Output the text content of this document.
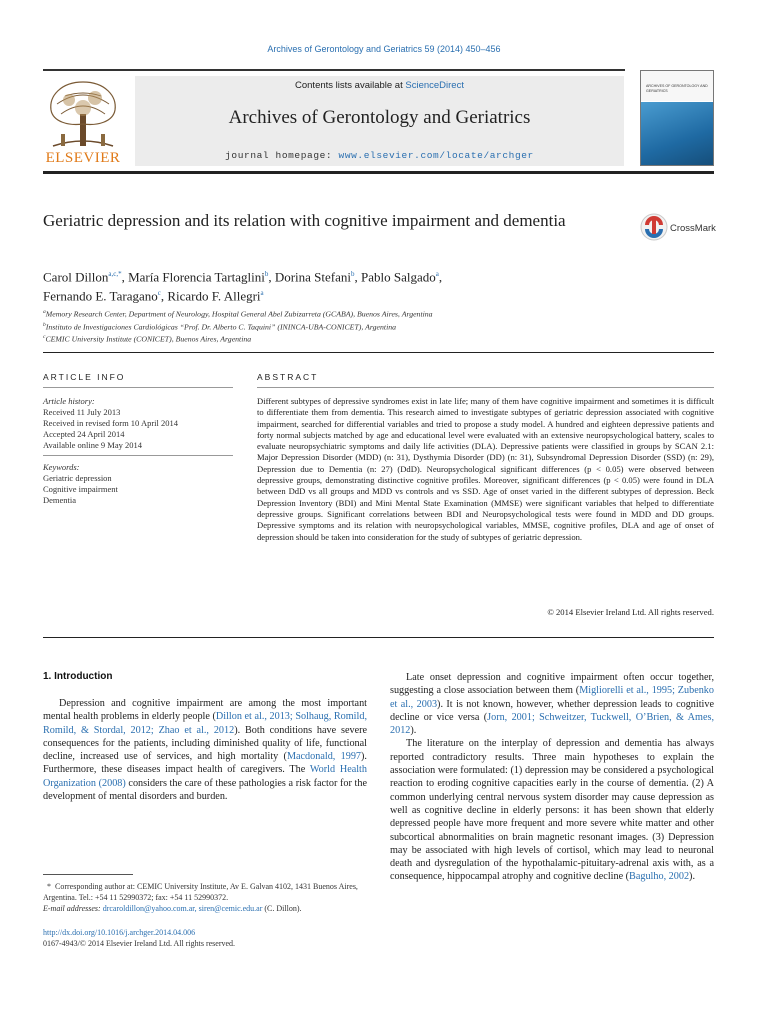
Archives of Gerontology and Geriatrics 59 (2014) 450–456
ELSEVIER
Contents lists available at ScienceDirect
Archives of Gerontology and Geriatrics
journal homepage: www.elsevier.com/locate/archger
ARCHIVES OF GERONTOLOGY AND GERIATRICS
Geriatric depression and its relation with cognitive impairment and dementia	CrossMark
Carol Dillon$^{a,c,*}$, María Florencia Tartaglini$^b$, Dorina Stefani$^b$, Pablo Salgado$^a$,
Fernando E. Taragano$^c$, Ricardo F. Allegri$^a$
$^a$Memory Research Center, Department of Neurology, Hospital General Abel Zubizarreta (GCABA), Buenos Aires, Argentina
$^b$Instituto de Investigaciones Cardiológicas “Prof. Dr. Alberto C. Taquini” (ININCA-UBA-CONICET), Argentina
$^c$CEMIC University Institute (CONICET), Buenos Aires, Argentina
ARTICLE INFO	ABSTRACT
Article history:
Received 11 July 2013
Received in revised form 10 April 2014
Accepted 24 April 2014
Available online 9 May 2014
Keywords:
Geriatric depression
Cognitive impairment
Dementia
Different subtypes of depressive syndromes exist in late life; many of them have cognitive impairment and sometimes it is difficult to differentiate them from dementia. This research aimed to investigate subtypes of geriatric depression associated with cognitive impairment, searched for differential variables and tried to propose a study model. A hundred and eighteen depressive patients and forty normal subjects matched by age and educational level were evaluated with an extensive neuropsychological battery, scales to evaluate neuropsychiatric symptoms and daily life activities (DLA). Depressive patients were classified in groups by SCAN 2.1: Major Depression Disorder (MDD) (n: 31), Dysthymia Disorder (DD) (n: 31), Subsyndromal Depression Disorder (SSD) (n: 29), Depression due to Dementia (n: 27) (DdD). Neuropsychological significant differences (p < 0.05) were observed between depressive groups, demonstrating distinctive cognitive profiles. Moreover, significant differences (p < 0.05) were found in DLA between DdD vs all groups and MDD vs controls and vs SSD. Age of onset varied in the different subtypes of depression. Beck Depression Inventory (BDI) and Mini Mental State Examination (MMSE) were significant variables that helped to differentiate depressive groups. Significant correlations between BDI and Neuropsychological tests were found in MDD and DD groups. Depressive symptoms and its relation with neuropsychological variables, MMSE, cognitive profiles, DLA and age of onset of depression should be taken into consideration for the study of subtypes of geriatric depression.
© 2014 Elsevier Ireland Ltd. All rights reserved.
1. Introduction

Depression and cognitive impairment are among the most important mental health problems in elderly people (Dillon et al., 2013; Solhaug, Romild, Romild, & Stordal, 2012; Zhao et al., 2012). Both conditions have severe consequences for the patients, including diminished quality of life, functional decline, increased use of services, and high mortality (Macdonald, 1997). Furthermore, these diseases impact health of caregivers. The World Health Organization (2008) considers the care of these pathologies a risk factor for the development of mental disorders and burden.

Late onset depression and cognitive impairment often occur together, suggesting a close association between them (Migliorelli et al., 1995; Zubenko et al., 2003). It is not known, however, whether depression leads to cognitive decline or vice versa (Jorn, 2001; Schweitzer, Tuckwell, O’Brien, & Ames, 2012).

The literature on the interplay of depression and dementia has always reported contradictory results. Three main hypotheses to explain the association were formulated: (1) depression may be considered a psychological reaction to eroding cognitive capacities early in the course of dementia. (2) A common underlying central nervous system disorder may cause depression as well as cognitive decline in elderly persons: it has been shown that elderly depressed people have more frequent and more severe white matter and other subcortical abnormalities on brain magnetic resonant images. (3) Depression may be associated with high levels of cortisol, which may lead to neuronal death and dysregulation of the hypothalamic-pituitary-adrenal axis with, as a consequence, hippocampal atrophy and cognitive decline (Bagulho, 2002).

*  Corresponding author at: CEMIC University Institute, Av E. Galvan 4102, 1431 Buenos Aires, Argentina. Tel.: +54 11 52990372; fax: +54 11 52990372.
E-mail addresses: drcaroldillon@yahoo.com.ar, siren@cemic.edu.ar (C. Dillon).
http://dx.doi.org/10.1016/j.archger.2014.04.006
0167-4943/© 2014 Elsevier Ireland Ltd. All rights reserved.
